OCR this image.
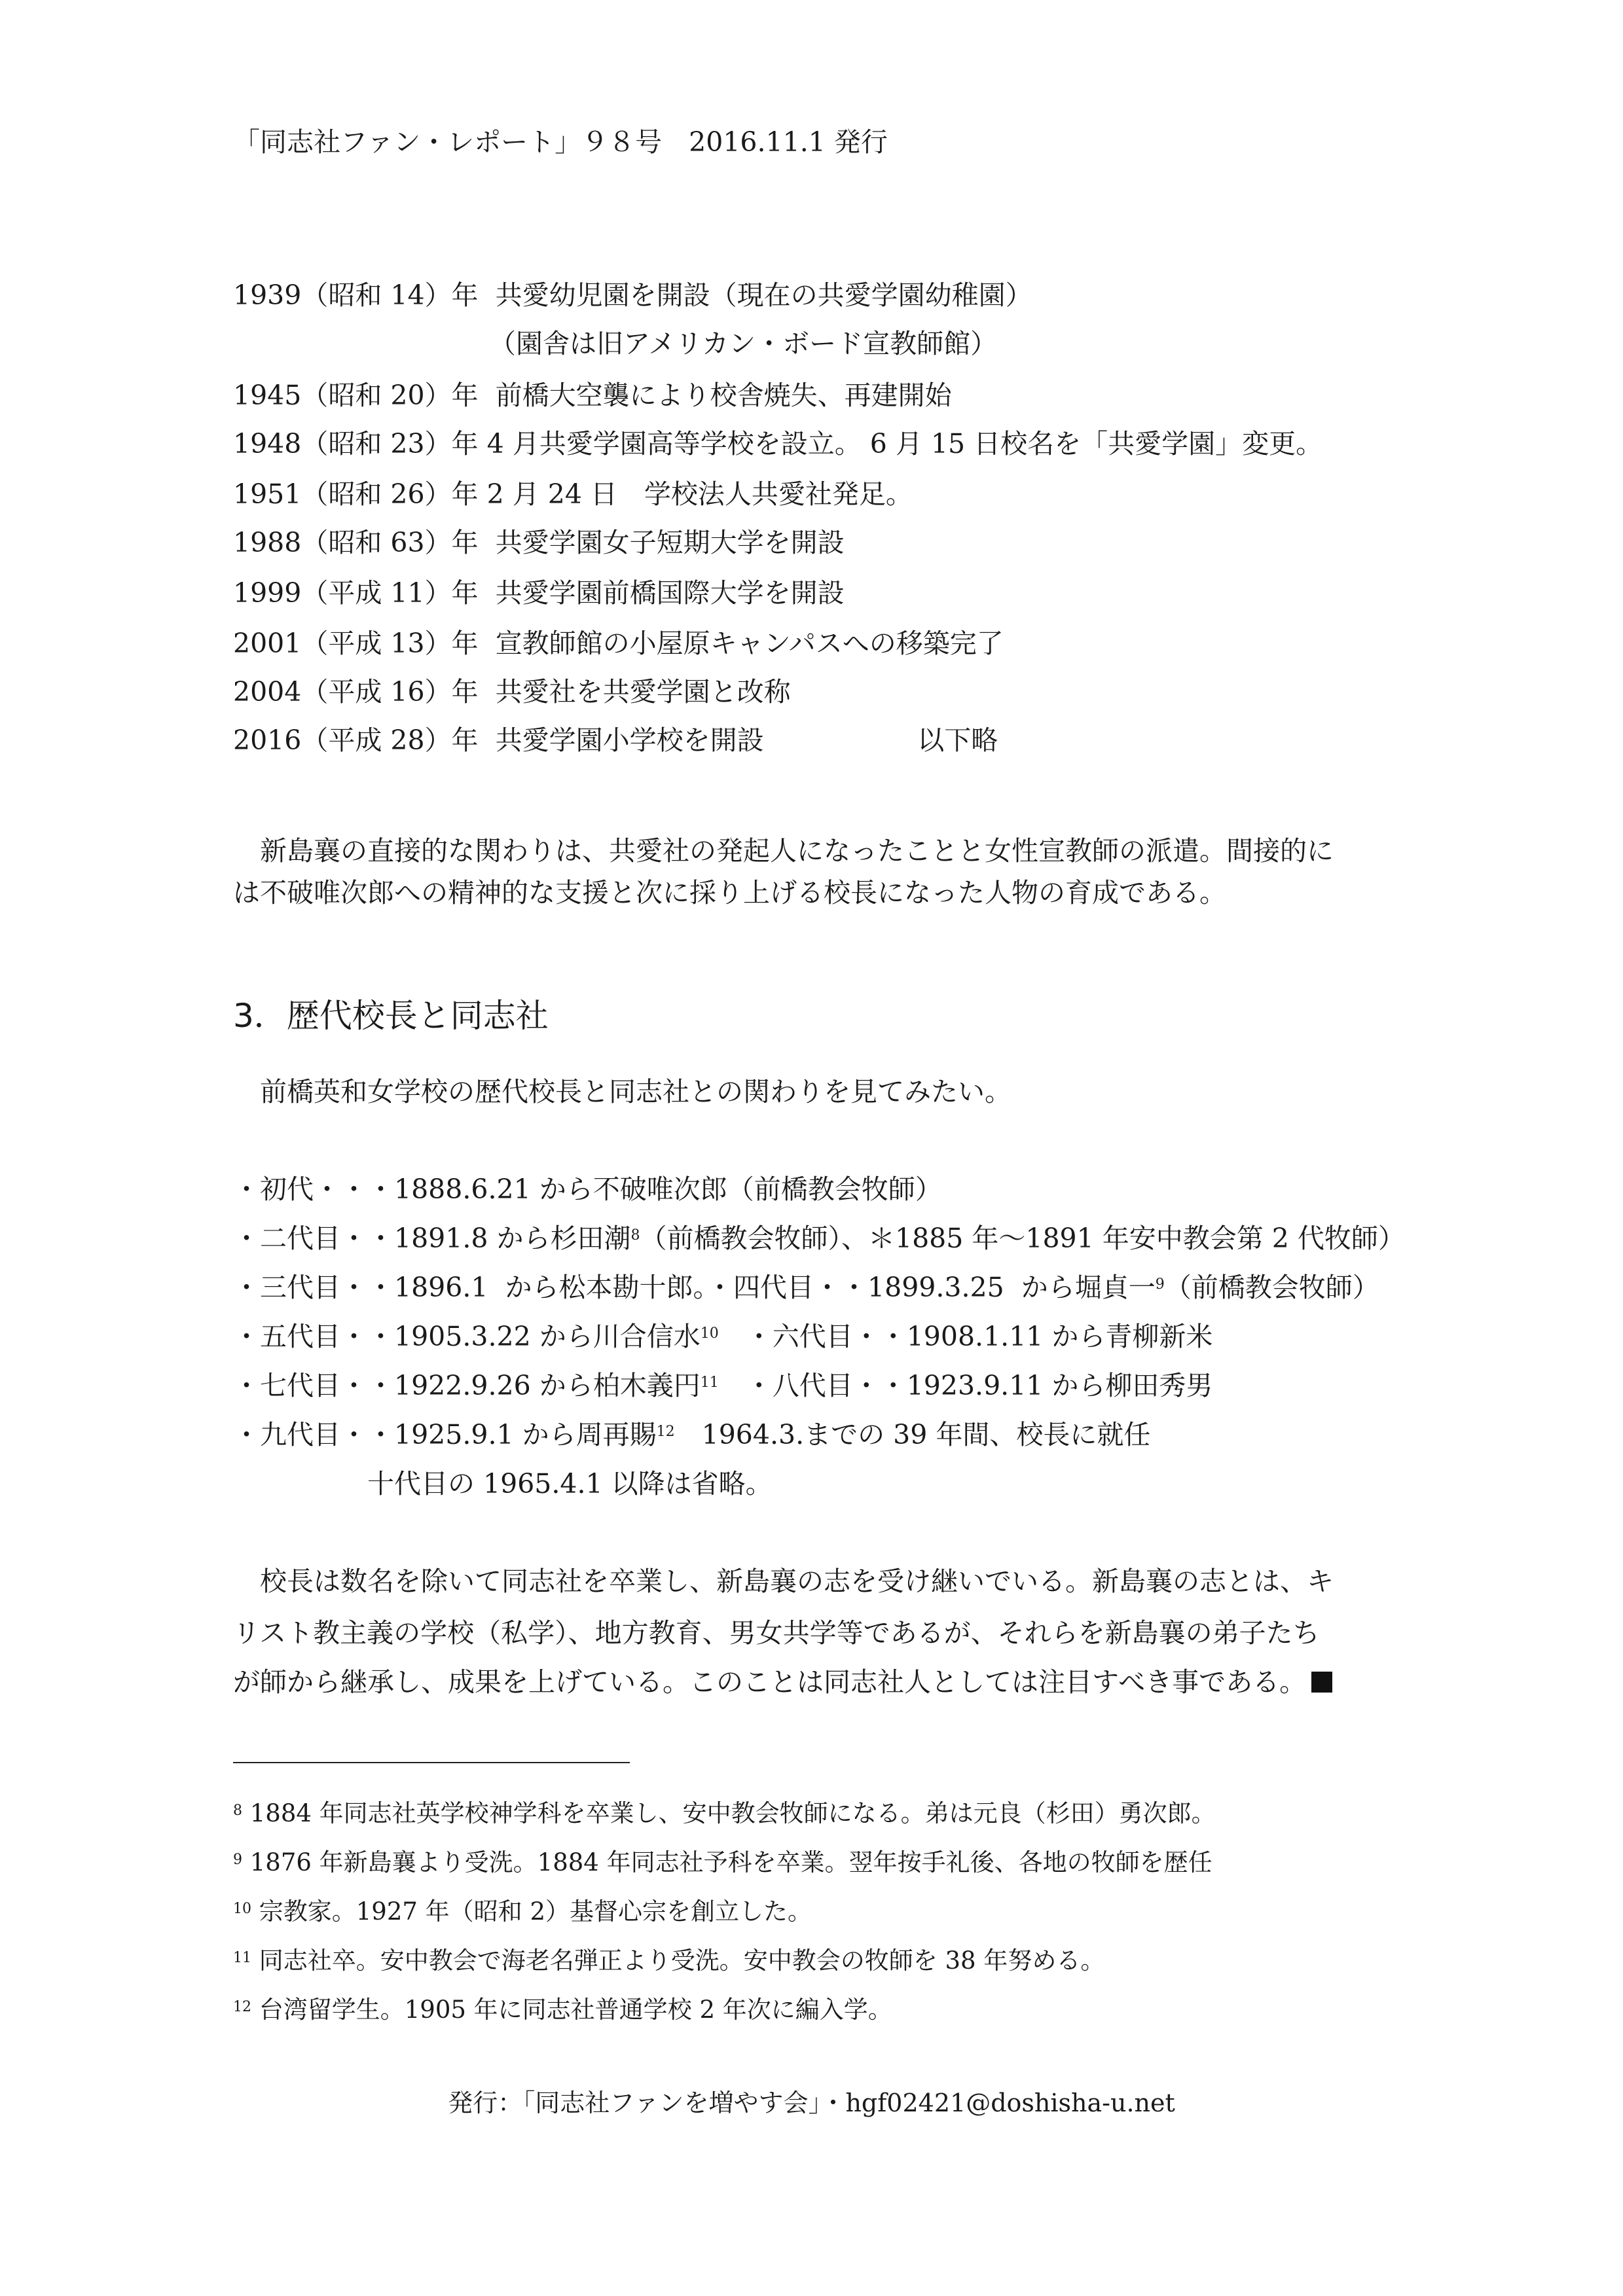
「同志社ファン・レポート」９８号　2016.11.1 発行
1939（昭和 14）年  共愛幼児園を開設（現在の共愛学園幼稚園）
（園舎は旧アメリカン・ボード宣教師館）
1945（昭和 20）年  前橋大空襲により校舎焼失、再建開始
1948（昭和 23）年 4 月共愛学園高等学校を設立。 6 月 15 日校名を「共愛学園」変更。
1951（昭和 26）年 2 月 24 日　学校法人共愛社発足。
1988（昭和 63）年  共愛学園女子短期大学を開設
1999（平成 11）年  共愛学園前橋国際大学を開設
2001（平成 13）年  宣教師館の小屋原キャンパスへの移築完了
2004（平成 16）年  共愛社を共愛学園と改称
2016（平成 28）年  共愛学園小学校を開設                  以下略
　新島襄の直接的な関わりは、共愛社の発起人になったことと女性宣教師の派遣。間接的に
は不破唯次郎への精神的な支援と次に採り上げる校長になった人物の育成である。
3．歴代校長と同志社
　前橋英和女学校の歴代校長と同志社との関わりを見てみたい。
・初代・・・1888.6.21 から不破唯次郎（前橋教会牧師）
・二代目・・1891.8 から杉田潮$^8$（前橋教会牧師）、＊1885 年～1891 年安中教会第 2 代牧師）
・三代目・・1896.1  から松本勘十郎。・四代目・・1899.3.25  から堀貞一$^9$（前橋教会牧師）
・五代目・・1905.3.22 から川合信水$^{10}$　・六代目・・1908.1.11 から青柳新米
・七代目・・1922.9.26 から柏木義円$^{11}$　・八代目・・1923.9.11 から柳田秀男
・九代目・・1925.9.1 から周再賜$^{12}$　1964.3.までの 39 年間、校長に就任
　　　　　十代目の 1965.4.1 以降は省略。
　校長は数名を除いて同志社を卒業し、新島襄の志を受け継いでいる。新島襄の志とは、キ
リスト教主義の学校（私学）、地方教育、男女共学等であるが、それらを新島襄の弟子たち
が師から継承し、成果を上げている。このことは同志社人としては注目すべき事である。
$^8$ 1884 年同志社英学校神学科を卒業し、安中教会牧師になる。弟は元良（杉田）勇次郎。
$^9$ 1876 年新島襄より受洗。1884 年同志社予科を卒業。翌年按手礼後、各地の牧師を歴任
$^{10}$ 宗教家。1927 年（昭和 2）基督心宗を創立した。
$^{11}$ 同志社卒。安中教会で海老名弾正より受洗。安中教会の牧師を 38 年努める。
$^{12}$ 台湾留学生。1905 年に同志社普通学校 2 年次に編入学。
発行：「同志社ファンを増やす会」・hgf02421@doshisha-u.net
